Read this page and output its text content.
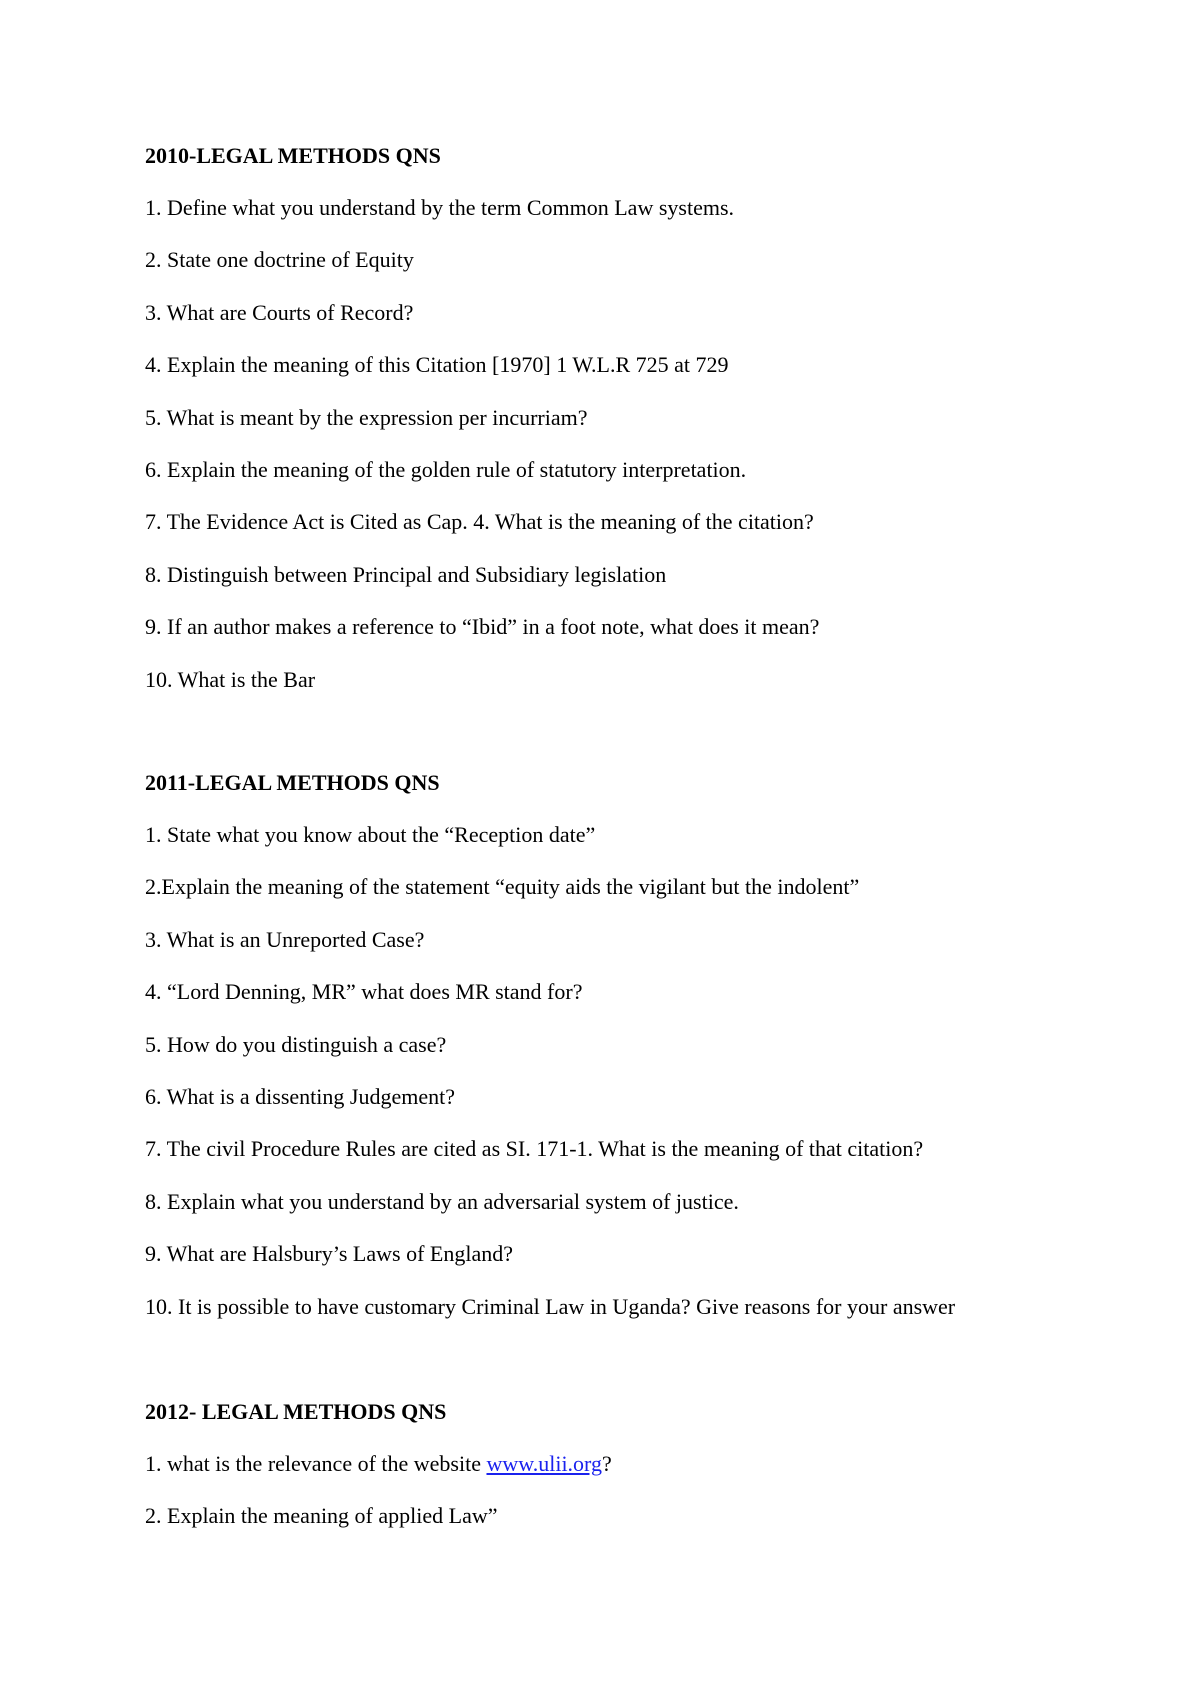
2010-LEGAL METHODS QNS
1. Define what you understand by the term Common Law systems.
2. State one doctrine of Equity
3. What are Courts of Record?
4. Explain the meaning of this Citation [1970] 1 W.L.R 725 at 729
5. What is meant by the expression per incurriam?
6. Explain the meaning of the golden rule of statutory interpretation.
7. The Evidence Act is Cited as Cap. 4. What is the meaning of the citation?
8. Distinguish between Principal and Subsidiary legislation
9. If an author makes a reference to “Ibid” in a foot note, what does it mean?
10. What is the Bar
2011-LEGAL METHODS QNS
1. State what you know about the “Reception date”
2.Explain the meaning of the statement “equity aids the vigilant but the indolent”
3. What is an Unreported Case?
4. “Lord Denning, MR” what does MR stand for?
5. How do you distinguish a case?
6. What is a dissenting Judgement?
7. The civil Procedure Rules are cited as SI. 171-1. What is the meaning of that citation?
8. Explain what you understand by an adversarial system of justice.
9. What are Halsbury’s Laws of England?
10. It is possible to have customary Criminal Law in Uganda? Give reasons for your answer
2012- LEGAL METHODS QNS
1. what is the relevance of the website www.ulii.org?
2. Explain the meaning of applied Law”
